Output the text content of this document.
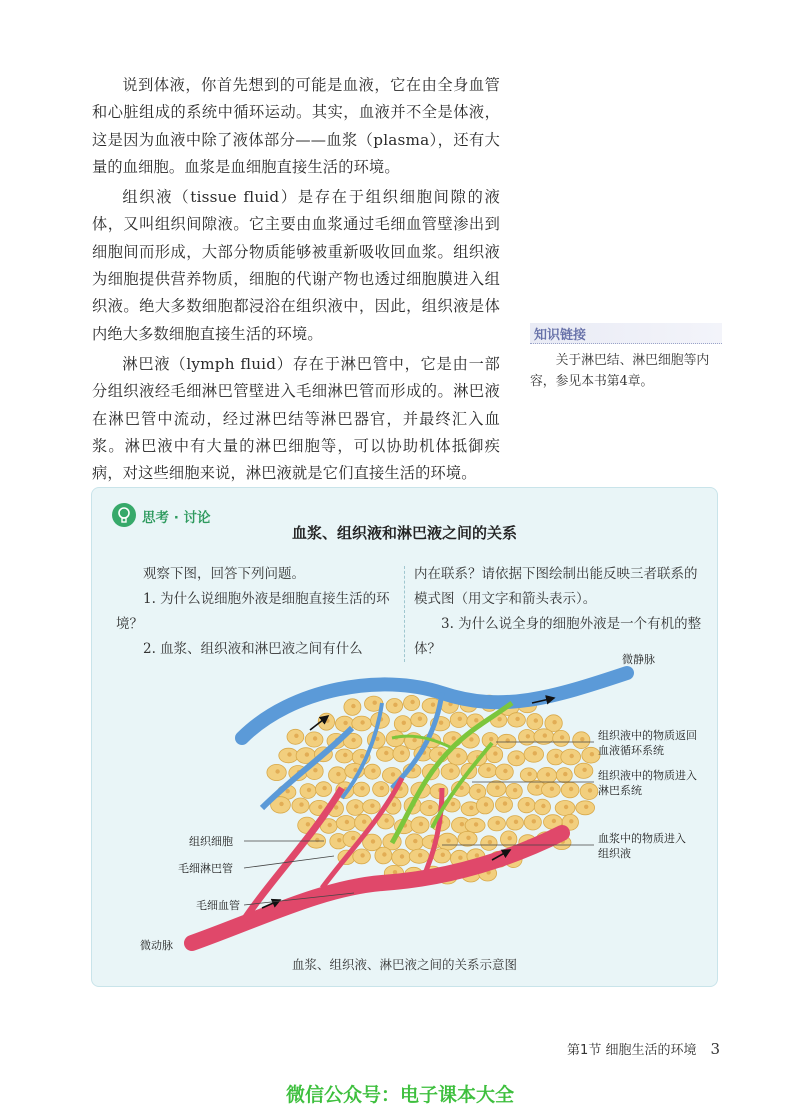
说到体液，你首先想到的可能是血液，它在由全身血管和心脏组成的系统中循环运动。其实，血液并不全是体液，这是因为血液中除了液体部分——血浆（plasma），还有大量的血细胞。血浆是血细胞直接生活的环境。

组织液（tissue fluid）是存在于组织细胞间隙的液体，又叫组织间隙液。它主要由血浆通过毛细血管壁渗出到细胞间而形成，大部分物质能够被重新吸收回血浆。组织液为细胞提供营养物质，细胞的代谢产物也透过细胞膜进入组织液。绝大多数细胞都浸浴在组织液中，因此，组织液是体内绝大多数细胞直接生活的环境。

淋巴液（lymph fluid）存在于淋巴管中，它是由一部分组织液经毛细淋巴管壁进入毛细淋巴管而形成的。淋巴液在淋巴管中流动，经过淋巴结等淋巴器官，并最终汇入血浆。淋巴液中有大量的淋巴细胞等，可以协助机体抵御疾病，对这些细胞来说，淋巴液就是它们直接生活的环境。

知识链接
关于淋巴结、淋巴细胞等内容，参见本书第4章。
思考 · 讨论
血浆、组织液和淋巴液之间的关系

观察下图，回答下列问题。

1. 为什么说细胞外液是细胞直接生活的环境？

2. 血浆、组织液和淋巴液之间有什么

内在联系？请依据下图绘制出能反映三者联系的模式图（用文字和箭头表示）。

3. 为什么说全身的细胞外液是一个有机的整体？

微静脉
微动脉
组织细胞
毛细淋巴管
毛细血管
组织液中的物质返回
血液循环系统
组织液中的物质进入
淋巴系统
血浆中的物质进入
组织液
血浆、组织液、淋巴液之间的关系示意图
第1节 细胞生活的环境 3
微信公众号：电子课本大全
